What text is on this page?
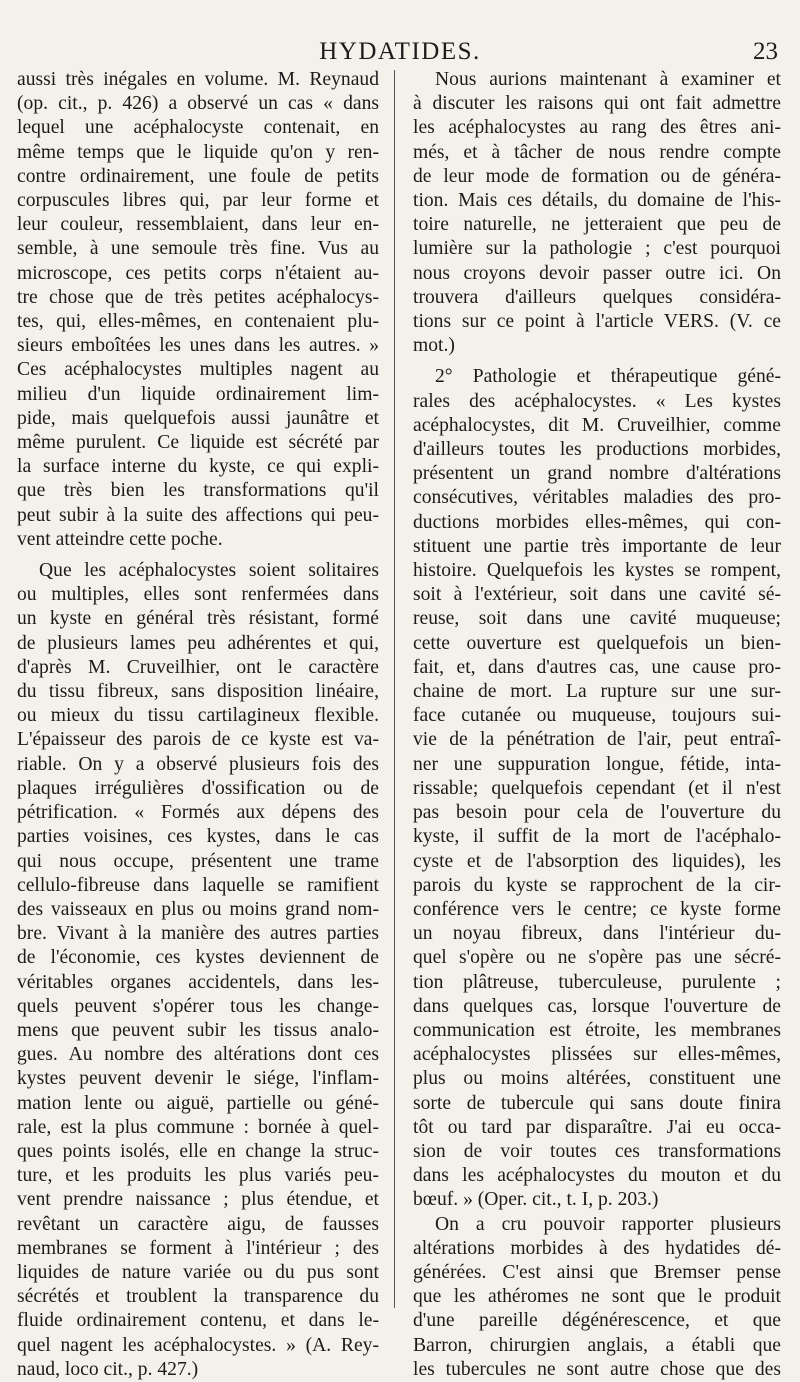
HYDATIDES.	23
aussi très inégales en volume. M. Reynaud
(op. cit., p. 426) a observé un cas « dans
lequel une acéphalocyste contenait, en
même temps que le liquide qu'on y ren-
contre ordinairement, une foule de petits
corpuscules libres qui, par leur forme et
leur couleur, ressemblaient, dans leur en-
semble, à une semoule très fine. Vus au
microscope, ces petits corps n'étaient au-
tre chose que de très petites acéphalocys-
tes, qui, elles-mêmes, en contenaient plu-
sieurs emboîtées les unes dans les autres. »
Ces acéphalocystes multiples nagent au
milieu d'un liquide ordinairement lim-
pide, mais quelquefois aussi jaunâtre et
même purulent. Ce liquide est sécrété par
la surface interne du kyste, ce qui expli-
que très bien les transformations qu'il
peut subir à la suite des affections qui peu-
vent atteindre cette poche.
Que les acéphalocystes soient solitaires
ou multiples, elles sont renfermées dans
un kyste en général très résistant, formé
de plusieurs lames peu adhérentes et qui,
d'après M. Cruveilhier, ont le caractère
du tissu fibreux, sans disposition linéaire,
ou mieux du tissu cartilagineux flexible.
L'épaisseur des parois de ce kyste est va-
riable. On y a observé plusieurs fois des
plaques irrégulières d'ossification ou de
pétrification. « Formés aux dépens des
parties voisines, ces kystes, dans le cas
qui nous occupe, présentent une trame
cellulo-fibreuse dans laquelle se ramifient
des vaisseaux en plus ou moins grand nom-
bre. Vivant à la manière des autres parties
de l'économie, ces kystes deviennent de
véritables organes accidentels, dans les-
quels peuvent s'opérer tous les change-
mens que peuvent subir les tissus analo-
gues. Au nombre des altérations dont ces
kystes peuvent devenir le siége, l'inflam-
mation lente ou aiguë, partielle ou géné-
rale, est la plus commune : bornée à quel-
ques points isolés, elle en change la struc-
ture, et les produits les plus variés peu-
vent prendre naissance ; plus étendue, et
revêtant un caractère aigu, de fausses
membranes se forment à l'intérieur ; des
liquides de nature variée ou du pus sont
sécrétés et troublent la transparence du
fluide ordinairement contenu, et dans le-
quel nagent les acéphalocystes. » (A. Rey-
naud, loco cit., p. 427.)
Nous aurions maintenant à examiner et
à discuter les raisons qui ont fait admettre
les acéphalocystes au rang des êtres ani-
més, et à tâcher de nous rendre compte
de leur mode de formation ou de généra-
tion. Mais ces détails, du domaine de l'his-
toire naturelle, ne jetteraient que peu de
lumière sur la pathologie ; c'est pourquoi
nous croyons devoir passer outre ici. On
trouvera d'ailleurs quelques considéra-
tions sur ce point à l'article VERS. (V. ce
mot.)
2° Pathologie et thérapeutique géné-
rales des acéphalocystes. « Les kystes
acéphalocystes, dit M. Cruveilhier, comme
d'ailleurs toutes les productions morbides,
présentent un grand nombre d'altérations
consécutives, véritables maladies des pro-
ductions morbides elles-mêmes, qui con-
stituent une partie très importante de leur
histoire. Quelquefois les kystes se rompent,
soit à l'extérieur, soit dans une cavité sé-
reuse, soit dans une cavité muqueuse;
cette ouverture est quelquefois un bien-
fait, et, dans d'autres cas, une cause pro-
chaine de mort. La rupture sur une sur-
face cutanée ou muqueuse, toujours sui-
vie de la pénétration de l'air, peut entraî-
ner une suppuration longue, fétide, inta-
rissable; quelquefois cependant (et il n'est
pas besoin pour cela de l'ouverture du
kyste, il suffit de la mort de l'acéphalo-
cyste et de l'absorption des liquides), les
parois du kyste se rapprochent de la cir-
conférence vers le centre; ce kyste forme
un noyau fibreux, dans l'intérieur du-
quel s'opère ou ne s'opère pas une sécré-
tion plâtreuse, tuberculeuse, purulente ;
dans quelques cas, lorsque l'ouverture de
communication est étroite, les membranes
acéphalocystes plissées sur elles-mêmes,
plus ou moins altérées, constituent une
sorte de tubercule qui sans doute finira
tôt ou tard par disparaître. J'ai eu occa-
sion de voir toutes ces transformations
dans les acéphalocystes du mouton et du
bœuf. » (Oper. cit., t. I, p. 203.)
On a cru pouvoir rapporter plusieurs
altérations morbides à des hydatides dé-
générées. C'est ainsi que Bremser pense
que les athéromes ne sont que le produit
d'une pareille dégénérescence, et que
Barron, chirurgien anglais, a établi que
les tubercules ne sont autre chose que des
